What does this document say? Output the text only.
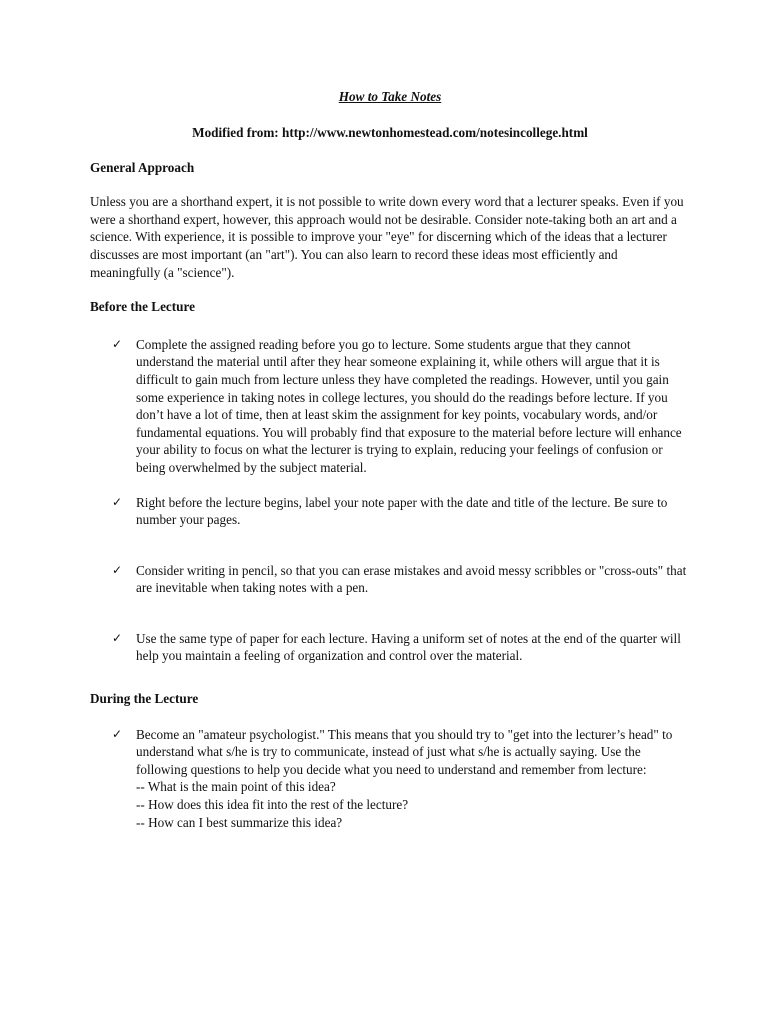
How to Take Notes
Modified from: http://www.newtonhomestead.com/notesincollege.html
General Approach

Unless you are a shorthand expert, it is not possible to write down every word that a lecturer speaks. Even if you were a shorthand expert, however, this approach would not be desirable. Consider note-taking both an art and a science. With experience, it is possible to improve your "eye" for discerning which of the ideas that a lecturer discusses are most important (an "art"). You can also learn to record these ideas most efficiently and meaningfully (a "science").

Before the Lecture
✓ Complete the assigned reading before you go to lecture. Some students argue that they cannot understand the material until after they hear someone explaining it, while others will argue that it is difficult to gain much from lecture unless they have completed the readings. However, until you gain some experience in taking notes in college lectures, you should do the readings before lecture. If you don’t have a lot of time, then at least skim the assignment for key points, vocabulary words, and/or fundamental equations. You will probably find that exposure to the material before lecture will enhance your ability to focus on what the lecturer is trying to explain, reducing your feelings of confusion or being overwhelmed by the subject material.
✓ Right before the lecture begins, label your note paper with the date and title of the lecture. Be sure to number your pages.
✓ Consider writing in pencil, so that you can erase mistakes and avoid messy scribbles or "cross-outs" that are inevitable when taking notes with a pen.
✓ Use the same type of paper for each lecture. Having a uniform set of notes at the end of the quarter will help you maintain a feeling of organization and control over the material.
During the Lecture
✓ Become an "amateur psychologist." This means that you should try to "get into the lecturer’s head" to understand what s/he is try to communicate, instead of just what s/he is actually saying. Use the following questions to help you decide what you need to understand and remember from lecture:
-- What is the main point of this idea?
-- How does this idea fit into the rest of the lecture?
-- How can I best summarize this idea?
